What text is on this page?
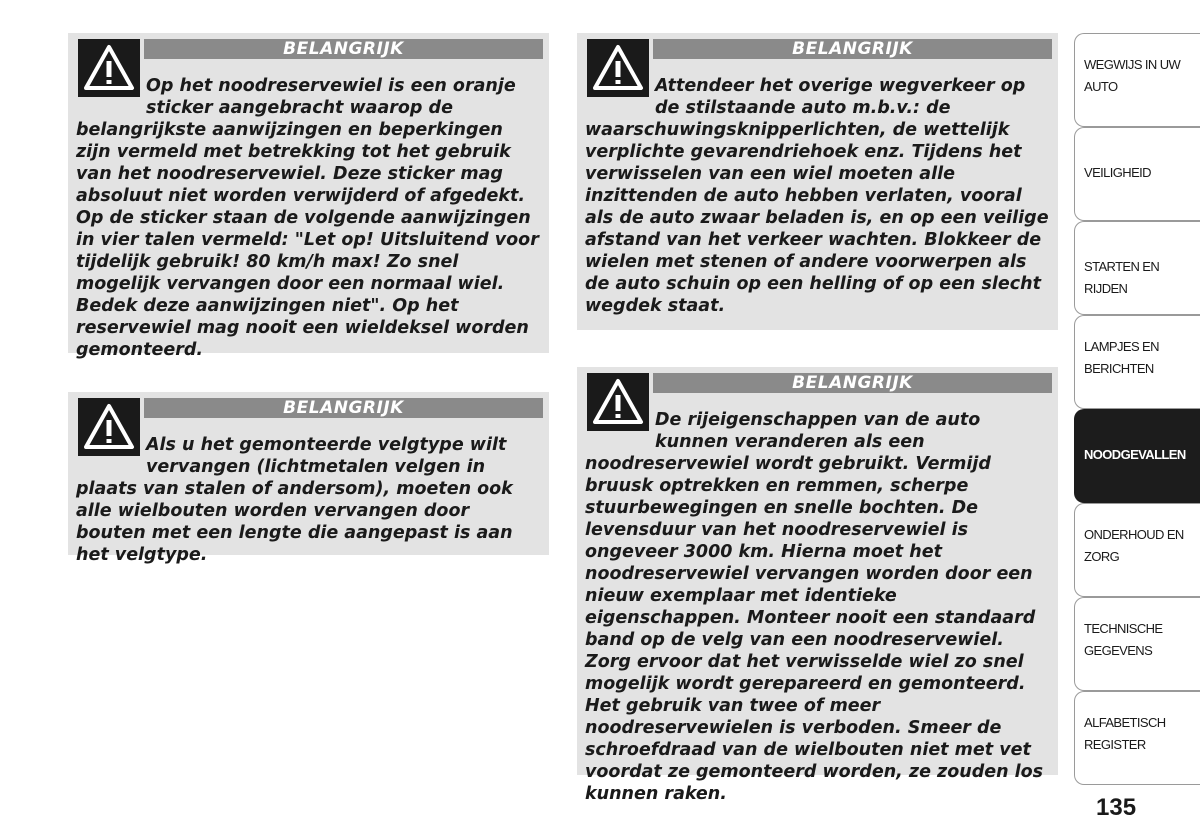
BELANGRIJK

Op het noodreservewiel is een oranje sticker aangebracht waarop de belangrijkste aanwijzingen en beperkingen zijn vermeld met betrekking tot het gebruik van het noodreservewiel. Deze sticker mag absoluut niet worden verwijderd of afgedekt. Op de sticker staan de volgende aanwijzingen in vier talen vermeld: "Let op! Uitsluitend voor tijdelijk gebruik! 80 km/h max! Zo snel mogelijk vervangen door een normaal wiel. Bedek deze aanwijzingen niet". Op het reservewiel mag nooit een wieldeksel worden gemonteerd.

BELANGRIJK

Als u het gemonteerde velgtype wilt vervangen (lichtmetalen velgen in plaats van stalen of andersom), moeten ook alle wielbouten worden vervangen door bouten met een lengte die aangepast is aan het velgtype.

BELANGRIJK

Attendeer het overige wegverkeer op de stilstaande auto m.b.v.: de waarschuwingsknipperlichten, de wettelijk verplichte gevarendriehoek enz. Tijdens het verwisselen van een wiel moeten alle inzittenden de auto hebben verlaten, vooral als de auto zwaar beladen is, en op een veilige afstand van het verkeer wachten. Blokkeer de wielen met stenen of andere voorwerpen als de auto schuin op een helling of op een slecht wegdek staat.

BELANGRIJK

De rijeigenschappen van de auto kunnen veranderen als een noodreservewiel wordt gebruikt. Vermijd bruusk optrekken en remmen, scherpe stuurbewegingen en snelle bochten. De levensduur van het noodreservewiel is ongeveer 3000 km. Hierna moet het noodreservewiel vervangen worden door een nieuw exemplaar met identieke eigenschappen. Monteer nooit een standaard band op de velg van een noodreservewiel. Zorg ervoor dat het verwisselde wiel zo snel mogelijk wordt gerepareerd en gemonteerd. Het gebruik van twee of meer noodreservewielen is verboden. Smeer de schroefdraad van de wielbouten niet met vet voordat ze gemonteerd worden, ze zouden los kunnen raken.

WEGWIJS IN UW AUTO
VEILIGHEID
STARTEN EN RIJDEN
LAMPJES EN BERICHTEN
NOODGEVALLEN
ONDERHOUD EN ZORG
TECHNISCHE GEGEVENS
ALFABETISCH REGISTER
135
